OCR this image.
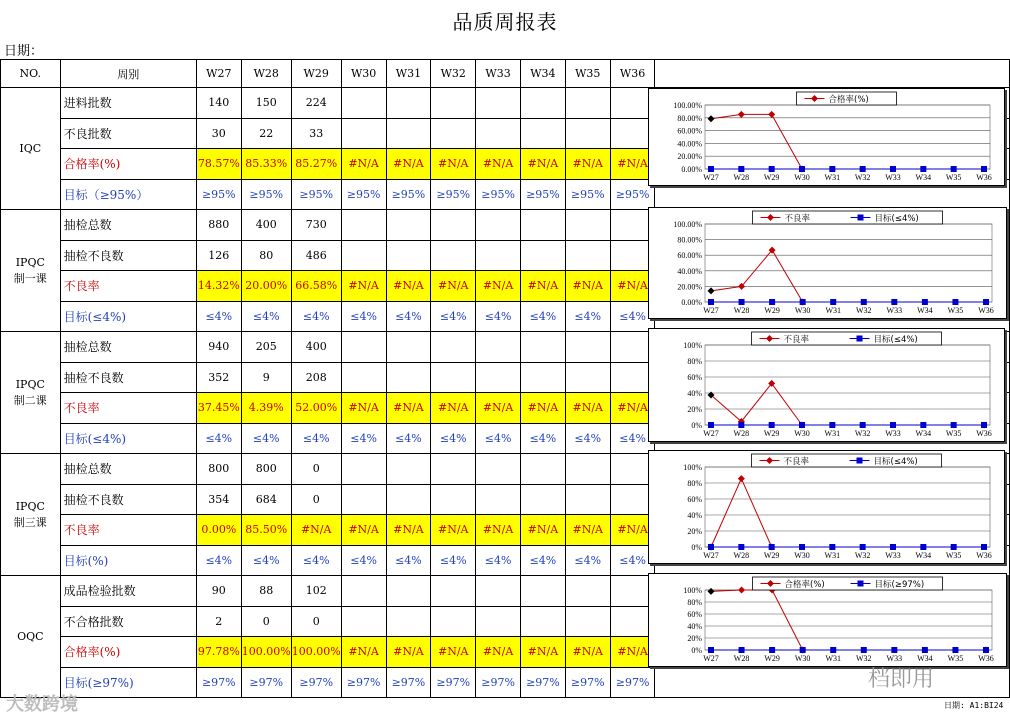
品质周报表
日期：
NO.	周别	W27	W28	W29	W30	W31	W32	W33	W34	W35	W36	
IQC	进料批数	140	150	224								
	不良批数	30	22	33								
	合格率(%)	78.57%	85.33%	85.27%	#N/A	#N/A	#N/A	#N/A	#N/A	#N/A	#N/A	
	目标（≥95%）	≥95%	≥95%	≥95%	≥95%	≥95%	≥95%	≥95%	≥95%	≥95%	≥95%	
IPQC
制一课	抽检总数	880	400	730								
	抽检不良数	126	80	486								
	不良率	14.32%	20.00%	66.58%	#N/A	#N/A	#N/A	#N/A	#N/A	#N/A	#N/A	
	目标(≤4%)	≤4%	≤4%	≤4%	≤4%	≤4%	≤4%	≤4%	≤4%	≤4%	≤4%	
IPQC
制二课	抽检总数	940	205	400								
	抽检不良数	352	9	208								
	不良率	37.45%	4.39%	52.00%	#N/A	#N/A	#N/A	#N/A	#N/A	#N/A	#N/A	
	目标(≤4%)	≤4%	≤4%	≤4%	≤4%	≤4%	≤4%	≤4%	≤4%	≤4%	≤4%	
IPQC
制三课	抽检总数	800	800	0								
	抽检不良数	354	684	0								
	不良率	0.00%	85.50%	#N/A	#N/A	#N/A	#N/A	#N/A	#N/A	#N/A	#N/A	
	目标(%)	≤4%	≤4%	≤4%	≤4%	≤4%	≤4%	≤4%	≤4%	≤4%	≤4%	
OQC	成品检验批数	90	88	102								
	不合格批数	2	0	0								
	合格率(%)	97.78%	100.00%	100.00%	#N/A	#N/A	#N/A	#N/A	#N/A	#N/A	#N/A	
	目标(≥97%)	≥97%	≥97%	≥97%	≥97%	≥97%	≥97%	≥97%	≥97%	≥97%	≥97%	
100.00%
80.00%
60.00%
40.00%
20.00%
0.00%
W27 W28 W29 W30 W31 W32 W33 W34 W35 W36
合格率(%)
100.00%
80.00%
60.00%
40.00%
20.00%
0.00%
W27 W28 W29 W30 W31 W32 W33 W34 W35 W36
不良率	目标(≤4%)
100%
80%
60%
40%
20%
0%
W27 W28 W29 W30 W31 W32 W33 W34 W35 W36
不良率	目标(≤4%)
100%
80%
60%
40%
20%
0%
W27 W28 W29 W30 W31 W32 W33 W34 W35 W36
不良率	目标(≤4%)
100%
80%
60%
40%
20%
0%
W27 W28 W29 W30 W31 W32 W33 W34 W35 W36
合格率(%)	目标(≥97%)
大数跨境
档即用
日期: A1:BI24
